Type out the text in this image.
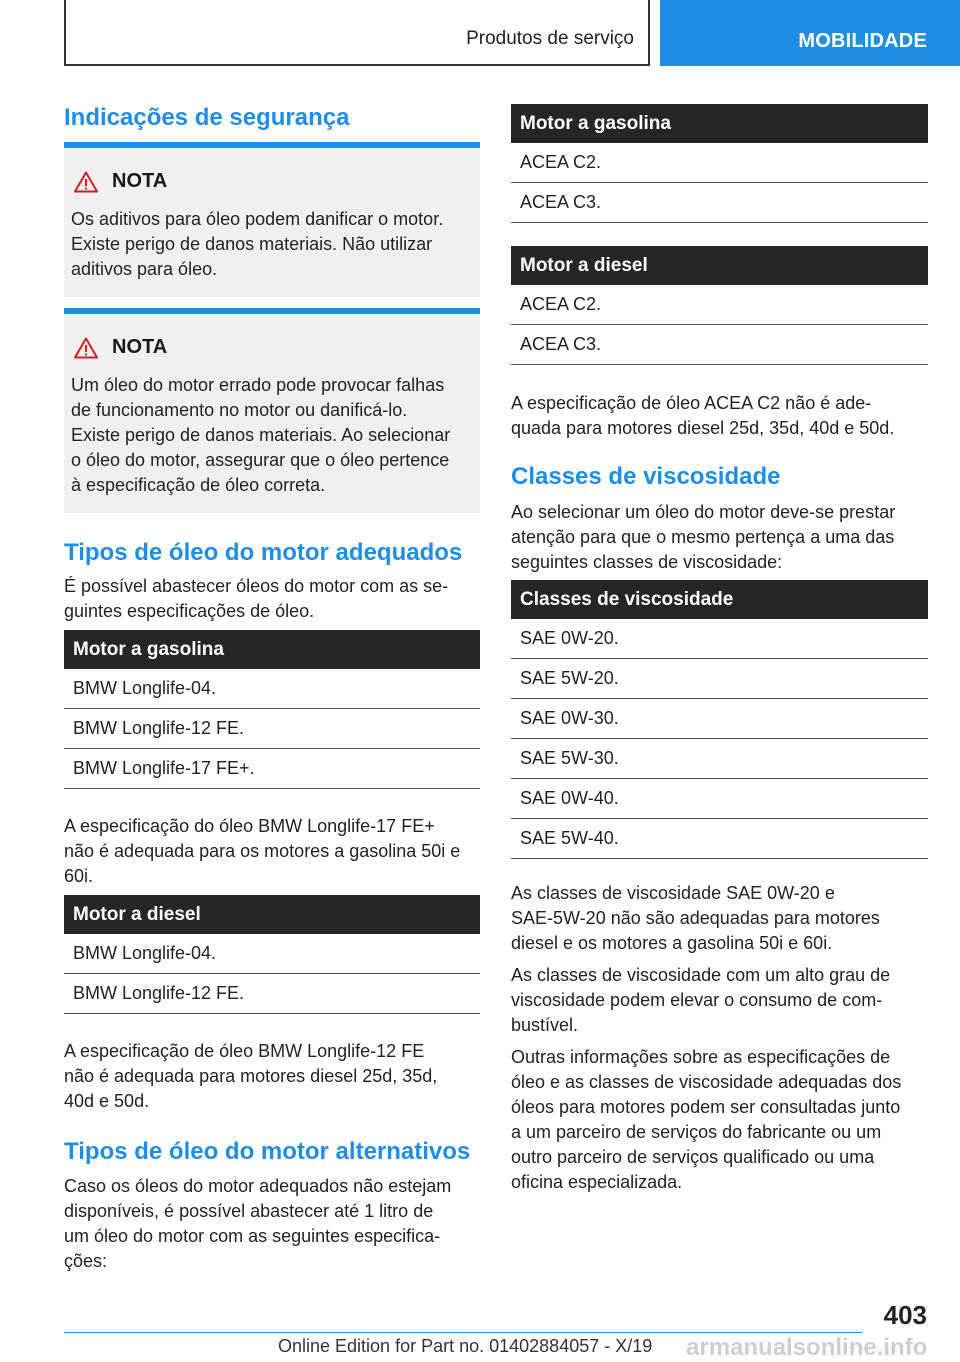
Produtos de serviço	MOBILIDADE
Indicações de segurança
NOTA

Os aditivos para óleo podem danificar o motor.
Existe perigo de danos materiais. Não utilizar
aditivos para óleo.

NOTA

Um óleo do motor errado pode provocar falhas
de funcionamento no motor ou danificá-lo.
Existe perigo de danos materiais. Ao selecionar
o óleo do motor, assegurar que o óleo pertence
à especificação de óleo correta.

Tipos de óleo do motor adequados

É possível abastecer óleos do motor com as se-
guintes especificações de óleo.

Motor a gasolina
BMW Longlife-04.
BMW Longlife-12 FE.
BMW Longlife-17 FE+.

A especificação do óleo BMW Longlife-17 FE+
não é adequada para os motores a gasolina 50i e
60i.

Motor a diesel
BMW Longlife-04.
BMW Longlife-12 FE.

A especificação de óleo BMW Longlife-12 FE
não é adequada para motores diesel 25d, 35d,
40d e 50d.

Tipos de óleo do motor alternativos

Caso os óleos do motor adequados não estejam
disponíveis, é possível abastecer até 1 litro de
um óleo do motor com as seguintes especifica-
ções:

Motor a gasolina
ACEA C2.
ACEA C3.
Motor a diesel
ACEA C2.
ACEA C3.

A especificação de óleo ACEA C2 não é ade-
quada para motores diesel 25d, 35d, 40d e 50d.

Classes de viscosidade

Ao selecionar um óleo do motor deve-se prestar
atenção para que o mesmo pertença a uma das
seguintes classes de viscosidade:

Classes de viscosidade
SAE 0W-20.
SAE 5W-20.
SAE 0W-30.
SAE 5W-30.
SAE 0W-40.
SAE 5W-40.

As classes de viscosidade SAE 0W-20 e
SAE-5W-20 não são adequadas para motores
diesel e os motores a gasolina 50i e 60i.

As classes de viscosidade com um alto grau de
viscosidade podem elevar o consumo de com-
bustível.

Outras informações sobre as especificações de
óleo e as classes de viscosidade adequadas dos
óleos para motores podem ser consultadas junto
a um parceiro de serviços do fabricante ou um
outro parceiro de serviços qualificado ou uma
oficina especializada.

403
Online Edition for Part no. 01402884057 - X/19 armanualsonline.info
